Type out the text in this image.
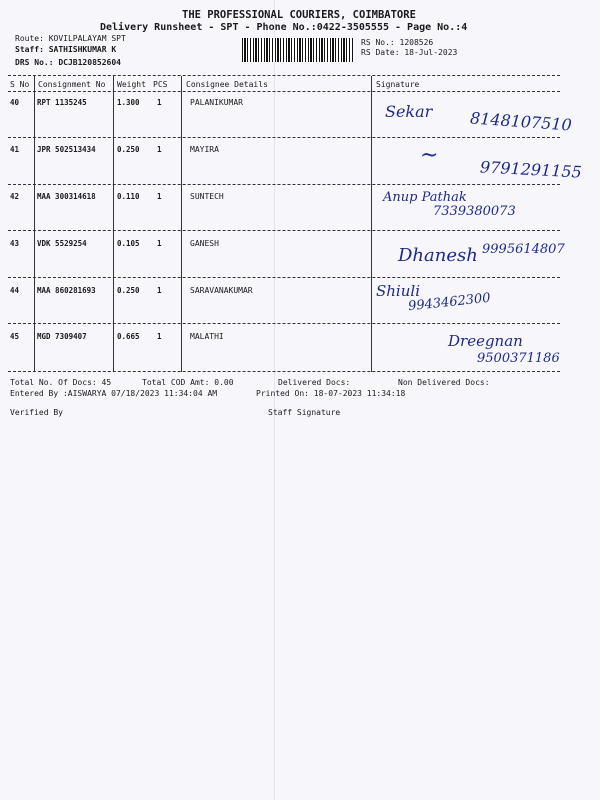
THE PROFESSIONAL COURIERS, COIMBATORE
Delivery Runsheet - SPT - Phone No.:0422-3505555 - Page No.:4
Route: KOVILPALAYAM SPT
Staff: SATHISHKUMAR K
DRS No.: DCJB120852604
RS No.: 1208526
RS Date: 18-Jul-2023
S No Consignment No Weight PCS Consignee Details	Signature
40 RPT 1135245	1.300 1	PALANIKUMAR	Sekar 8148107510
41 JPR 502513434	0.250 1	MAYIRA	~
9791291155
42 MAA 300314618	0.110 1	SUNTECH	Anup Pathak
7339380073
43 VDK 5529254	0.105 1	GANESH
Dhanesh 9995614807
44 MAA 860281693	0.250 1	SARAVANAKUMAR	Shiuli
9943462300
45 MGD 7309407	0.665 1	MALATHI	Dreegnan
9500371186
Total No. Of Docs: 45	Total COD Amt: 0.00	Delivered Docs:	Non Delivered Docs:
Entered By :AISWARYA 07/18/2023 11:34:04 AM	Printed On: 18-07-2023 11:34:18
Verified By	Staff Signature
